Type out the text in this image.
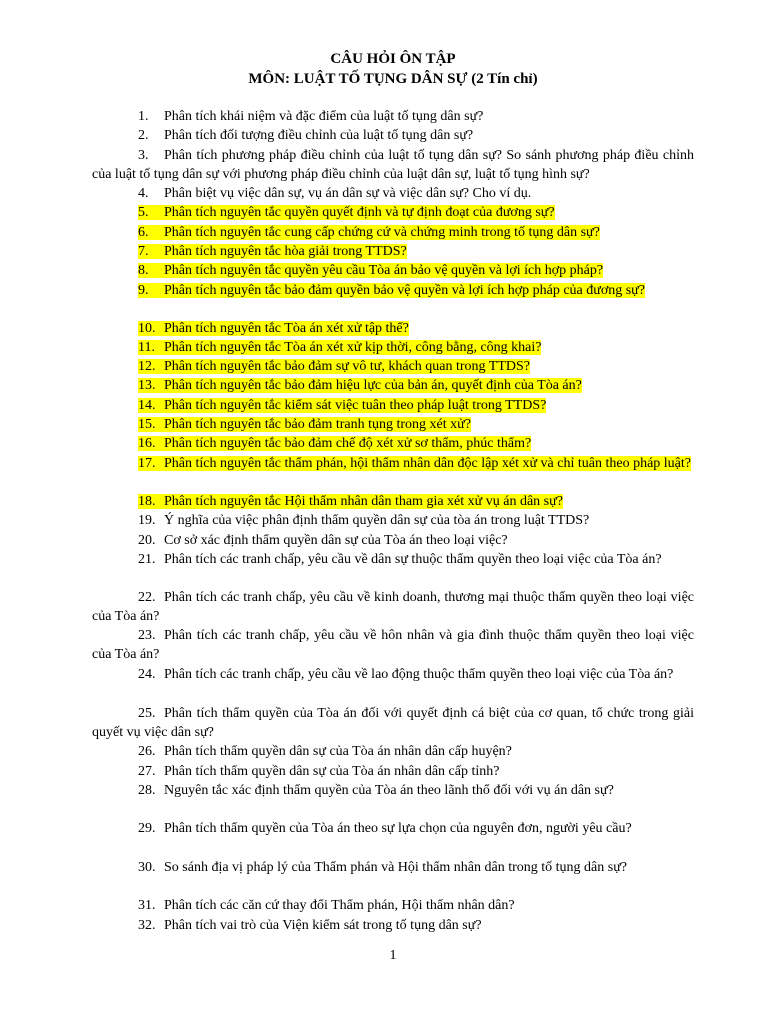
CÂU HỎI ÔN TẬP
MÔN: LUẬT TỐ TỤNG DÂN SỰ (2 Tín chỉ)
1. Phân tích khái niệm và đặc điểm của luật tố tụng dân sự?
2. Phân tích đối tượng điều chỉnh của luật tố tụng dân sự?
3. Phân tích phương pháp điều chỉnh của luật tố tụng dân sự? So sánh phương pháp điều chỉnh của luật tố tụng dân sự với phương pháp điều chỉnh của luật dân sự, luật tố tụng hình sự?
4. Phân biệt vụ việc dân sự, vụ án dân sự và việc dân sự? Cho ví dụ.
5. Phân tích nguyên tắc quyền quyết định và tự định đoạt của đương sự?
6. Phân tích nguyên tắc cung cấp chứng cứ và chứng minh trong tố tụng dân sự?
7. Phân tích nguyên tắc hòa giải trong TTDS?
8. Phân tích nguyên tắc quyền yêu cầu Tòa án bảo vệ quyền và lợi ích hợp pháp?
9. Phân tích nguyên tắc bảo đảm quyền bảo vệ quyền và lợi ích hợp pháp của đương sự?
10. Phân tích nguyên tắc Tòa án xét xử tập thể?
11. Phân tích nguyên tắc Tòa án xét xử kịp thời, công bằng, công khai?
12. Phân tích nguyên tắc bảo đảm sự vô tư, khách quan trong TTDS?
13. Phân tích nguyên tắc bảo đảm hiệu lực của bản án, quyết định của Tòa án?
14. Phân tích nguyên tắc kiểm sát việc tuân theo pháp luật trong TTDS?
15. Phân tích nguyên tắc bảo đảm tranh tụng trong xét xử?
16. Phân tích nguyên tắc bảo đảm chế độ xét xử sơ thẩm, phúc thẩm?
17. Phân tích nguyên tắc thẩm phán, hội thẩm nhân dân độc lập xét xử và chỉ tuân theo pháp luật?
18. Phân tích nguyên tắc Hội thẩm nhân dân tham gia xét xử vụ án dân sự?
19. Ý nghĩa của việc phân định thẩm quyền dân sự của tòa án trong luật TTDS?
20. Cơ sở xác định thẩm quyền dân sự của Tòa án theo loại việc?
21. Phân tích các tranh chấp, yêu cầu về dân sự thuộc thẩm quyền theo loại việc của Tòa án?
22. Phân tích các tranh chấp, yêu cầu về kinh doanh, thương mại thuộc thẩm quyền theo loại việc của Tòa án?
23. Phân tích các tranh chấp, yêu cầu về hôn nhân và gia đình thuộc thẩm quyền theo loại việc của Tòa án?
24. Phân tích các tranh chấp, yêu cầu về lao động thuộc thẩm quyền theo loại việc của Tòa án?
25. Phân tích thẩm quyền của Tòa án đối với quyết định cá biệt của cơ quan, tổ chức trong giải quyết vụ việc dân sự?
26. Phân tích thẩm quyền dân sự của Tòa án nhân dân cấp huyện?
27. Phân tích thẩm quyền dân sự của Tòa án nhân dân cấp tỉnh?
28. Nguyên tắc xác định thẩm quyền của Tòa án theo lãnh thổ đối với vụ án dân sự?
29. Phân tích thẩm quyền của Tòa án theo sự lựa chọn của nguyên đơn, người yêu cầu?
30. So sánh địa vị pháp lý của Thẩm phán và Hội thẩm nhân dân trong tố tụng dân sự?
31. Phân tích các căn cứ thay đổi Thẩm phán, Hội thẩm nhân dân?
32. Phân tích vai trò của Viện kiểm sát trong tố tụng dân sự?
1
